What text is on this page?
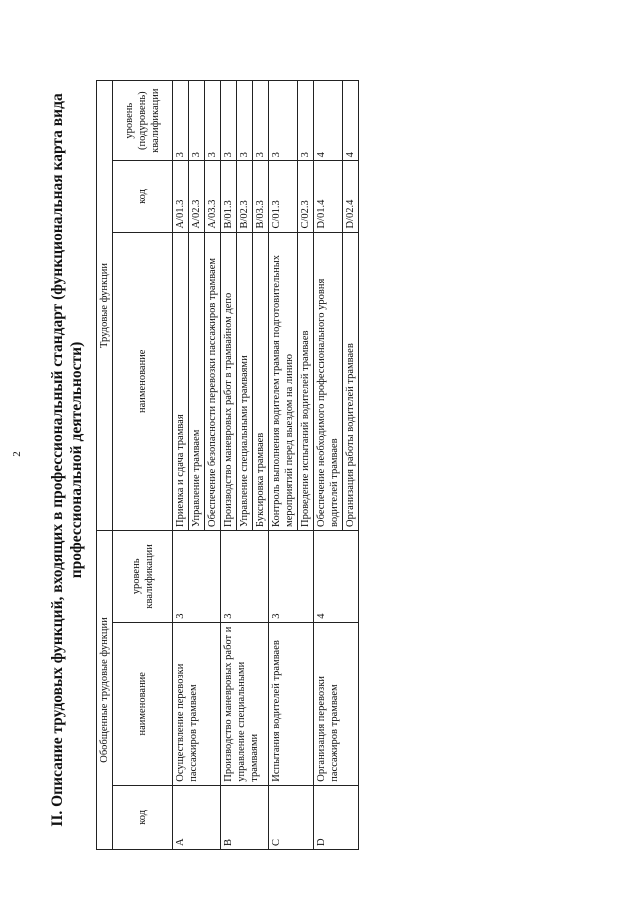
2 II. Описание трудовых функций, входящих в профессиональный стандарт (функциональная карта вида профессиональной деятельности)

Обобщенные трудовые функции			Трудовые функции		
код	наименование	уровень квалификации	наименование	код	уровень (подуровень) квалификации
A	Осуществление перевозки пассажиров трамваем	3	Приемка и сдача трамвая	A/01.3	3
			Управление трамваем	A/02.3	3
			Обеспечение безопасности перевозки пассажиров трамваем	A/03.3	3
B	Производство маневровых работ и управление специальными трамваями	3	Производство маневровых работ в трамвайном депо	B/01.3	3
			Управление специальными трамваями	B/02.3	3
			Буксировка трамваев	B/03.3	3
C	Испытания водителей трамваев	3	Контроль выполнения водителем трамвая подготовительных мероприятий перед выездом на линию	C/01.3	3
			Проведение испытаний водителей трамваев	C/02.3	3
D	Организация перевозки пассажиров трамваем	4	Обеспечение необходимого профессионального уровня водителей трамваев	D/01.4	4
			Организация работы водителей трамваев	D/02.4	4
